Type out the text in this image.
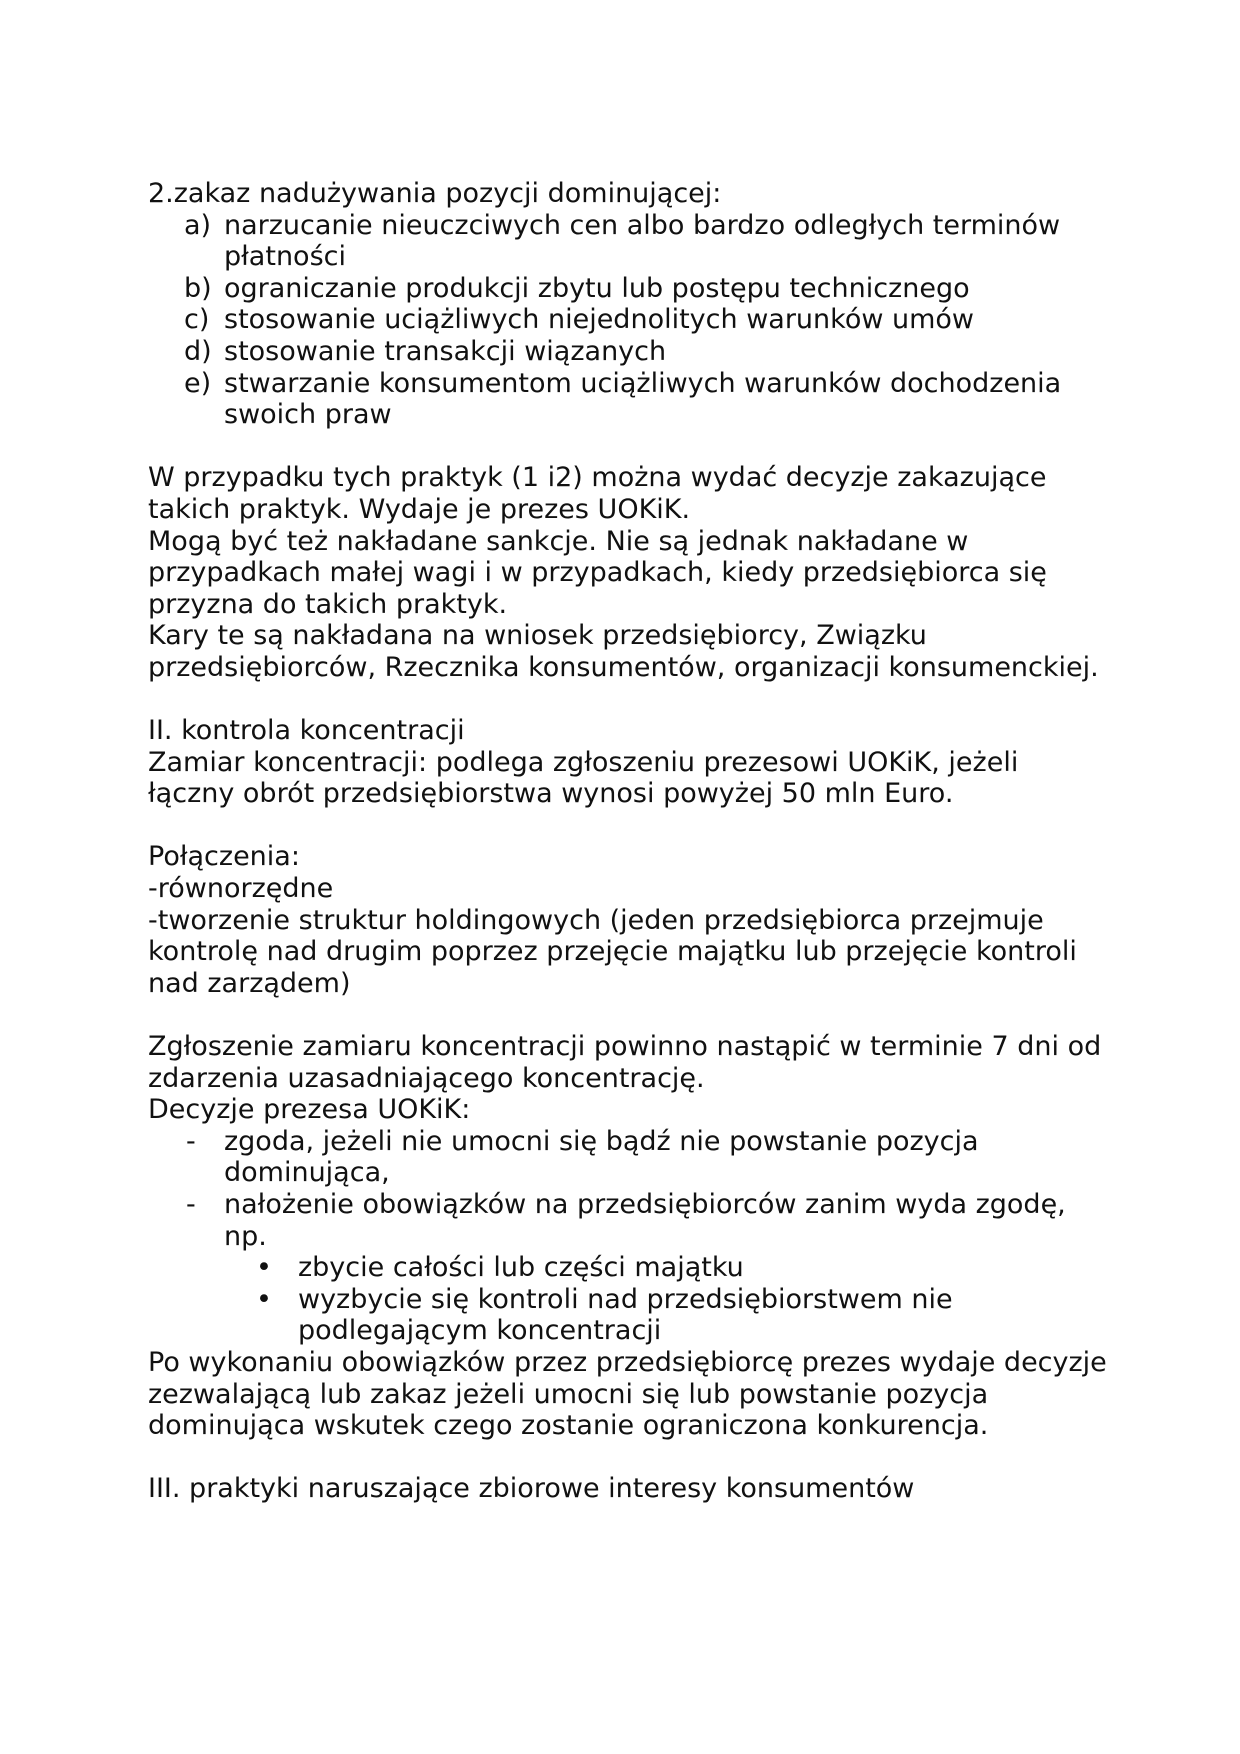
2.zakaz nadużywania pozycji dominującej:

a) narzucanie nieuczciwych cen albo bardzo odległych terminów płatności
b) ograniczanie produkcji zbytu lub postępu technicznego
c) stosowanie uciążliwych niejednolitych warunków umów
d) stosowanie transakcji wiązanych
e) stwarzanie konsumentom uciążliwych warunków dochodzenia swoich praw

W przypadku tych praktyk (1 i2) można wydać decyzje zakazujące takich praktyk. Wydaje je prezes UOKiK.

Mogą być też nakładane sankcje. Nie są jednak nakładane w przypadkach małej wagi i w przypadkach, kiedy przedsiębiorca się przyzna do takich praktyk.

Kary te są nakładana na wniosek przedsiębiorcy, Związku przedsiębiorców, Rzecznika konsumentów, organizacji konsumenckiej.

II. kontrola koncentracji

Zamiar koncentracji: podlega zgłoszeniu prezesowi UOKiK, jeżeli łączny obrót przedsiębiorstwa wynosi powyżej 50 mln Euro.

Połączenia:

-równorzędne

-tworzenie struktur holdingowych (jeden przedsiębiorca przejmuje kontrolę nad drugim poprzez przejęcie majątku lub przejęcie kontroli nad zarządem)

Zgłoszenie zamiaru koncentracji powinno nastąpić w terminie 7 dni od zdarzenia uzasadniającego koncentrację.

Decyzje prezesa UOKiK:

- zgoda, jeżeli nie umocni się bądź nie powstanie pozycja dominująca,
- nałożenie obowiązków na przedsiębiorców zanim wyda zgodę, np.
• zbycie całości lub części majątku
• wyzbycie się kontroli nad przedsiębiorstwem nie podlegającym koncentracji

Po wykonaniu obowiązków przez przedsiębiorcę prezes wydaje decyzje zezwalającą lub zakaz jeżeli umocni się lub powstanie pozycja dominująca wskutek czego zostanie ograniczona konkurencja.

III. praktyki naruszające zbiorowe interesy konsumentów
